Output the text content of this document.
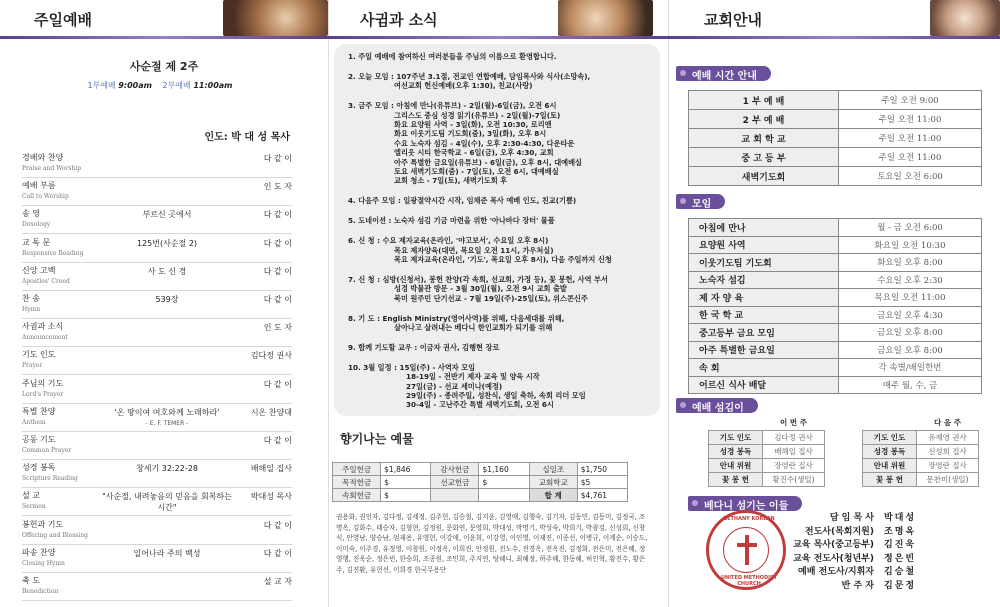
주일예배
사순절 제 2주
1부예배 9:00am 2부예배 11:00am
인도: 박 대 성 목사
경배와 찬양
Praise and Worship
다 같 이
예배 부름
Call to Worship
인 도 자
송 영
Doxology
부르신 곳에서	다 같 이
교 독 문
Responsive Reading
125번(사순절 2)	다 같 이
신앙 고백
Apostles' Creed
사 도 신 경	다 같 이
찬 송
Hymn
539장	다 같 이
사귐과 소식
Announcement
인 도 자
기도 인도
Prayer
김다정 권사
주님의 기도
Lord's Prayer
다 같 이
특별 찬양
Anthem
'온 땅이여 여호와께 노래하라'
- E. F. TEMER -
시온 찬양대
공동 기도
Common Prayer
다 같 이
성경 봉독
Scripture Reading
창세기 32:22-28	배해일 집사
설 교
Sermon
"사순절, 내려놓음의 믿음을 회복하는 시간"
박대성 목사
봉헌과 기도
Offering and Blessing
다 같 이
파송 찬양
Closing Hymn
일어나라 주의 백성	다 같 이
축 도
Benediction
설 교 자
사귐과 소식
1. 주일 예배에 참여하신 여러분들을 주님의 이름으로 환영합니다.
2. 오늘 모임 : 107주년 3.1절, 전교인 연합예배, 담임목사와 식사(소망속),
여선교회 헌신예배(오후 1:30), 친교(사랑)
3. 금주 모임 : 아침에 만나(유튜브) - 2일(월)-6일(금), 오전 6시
그리스도 중심 성경 읽기(유튜브) - 2일(월)-7일(토)
화요 요양원 사역 - 3일(화), 오전 10:30, 로리엔
화요 이웃기도팀 기도회(줌), 3일(화), 오후 8시
수요 노숙자 섬김 - 4일(수), 오후 2:30-4:30, 다운타운
엘리웃 시티 한국학교 - 6일(금), 오후 4:30, 교회
아주 특별한 금요일(유튜브) - 6일(금), 오후 8시, 대예배실
토요 새벽기도회(줌) - 7일(토), 오전 6시, 대예배실
교회 청소 - 7일(토), 새벽기도회 후
4. 다음주 모임 : 일광절약시간 시작, 임채준 목사 예배 인도, 친교(기쁨)
5. 도네이션 : 노숙자 섬김 기금 마련을 위한 '아나바다 장터' 물품
6. 신 청 : 수요 제자교육(온라인, '야고보서', 수요일 오후 8시)
목요 제자양육(대면, 목요일 오전 11시, 가우처실)
목요 제자교육(온라인, '기도', 목요일 오후 8시), 다음 주일까지 신청
7. 신 청 : 심방(신청서), 봉헌 찬양(각 속회, 선교회, 가정 등), 꽃 봉헌, 사역 부서
성경 박물관 방문 - 3월 30일(월), 오전 9시 교회 출발
북미 원주민 단기선교 - 7월 19일(주)-25일(토), 위스콘신주
8. 기 도 : English Ministry(영어사역)를 위해, 다음세대를 위해,
살아나고 살려내는 베다니 한인교회가 되기를 위해
9. 함께 기도할 교우 : 이금자 권사, 김행현 장로
10. 3월 일정 : 15일(주) - 사역자 모임
18-19일 - 전반기 제자 교육 및 양육 시작
27일(금) - 선교 세미나(예정)
29일(주) - 종려주일, 성찬식, 생일 축하, 속회 리더 모임
30-4일 - 고난주간 특별 새벽기도회, 오전 6시
향기나는 예물
주일헌금	$1,846	감사헌금	$1,160	십일조	$1,750
목적헌금	$	선교헌금	$	교회학교	$5
속회헌금	$			합 계	$4,761
권용화, 권인자, 김다정, 김세정, 김주헌, 김승철, 김지윤, 김영애, 김행숙, 김기자, 김동민, 김동미, 김정국, 조명옥, 김화수, 태승자, 김형현, 김정원, 문화연, 문영희, 박대성, 박명기, 박성숙, 박희기, 박광검, 신성희, 신창식, 안영남, 양승남, 엄재용, 유영헌, 이강애, 이윤희, 이강영, 이인영, 이재진, 이종선, 이병규, 이계순, 이승도, 이미숙, 이주경, 유정영, 이창원, 이정옥, 이희진, 안정원, 전노수, 전경옥, 전옥진, 김정화, 전은미, 전은혜, 정영행, 진욱순, 정은빈, 한승희, 조종원, 조민희, 주지연, 탕혜니, 최혜정, 하주혜, 한동혜, 허인혁, 황진수, 황은주, 김진환, 유현선, 이희경 한국무용단
교회안내
예배 시간 안내
1 부 예 배	주일 오전 9:00
2 부 예 배	주일 오전 11:00
교 회 학 교	주일 오전 11:00
중 고 등 부	주일 오전 11:00
새벽기도회	토요일 오전 6:00
모임
아침에 만나	월 - 금 오전 6:00
요양원 사역	화요일 오전 10:30
이웃기도팀 기도회	화요일 오후 8:00
노숙자 섬김	수요일 오후 2:30
제 자 양 육	목요일 오전 11:00
한 국 학 교	금요일 오후 4:30
중고등부 금요 모임	금요일 오후 8:00
아주 특별한 금요일	금요일 오후 8:00
속 회	각 속별/배일한번
어르신 식사 배달	매주 월, 수, 금
예배 섬김이
	이 번 주
기도 인도	김다정 권사
성경 봉독	배해일 집사
안내 위원	장영란 집사
꽃 봉 헌	황진수(생일)
	다 음 주
기도 인도	유재영 권사
성경 봉독	신성희 집사
안내 위원	장영란 집사
꽃 봉 헌	문찬미(생일)
베다니 섬기는 이들
BETHANY KOREAN
UNITED METHODIST CHURCH
담 임 목 사	박대성
전도사(목회지원)	조명옥
교육 목사(중고등부)	김진욱
교육 전도사(청년부)	정은빈
예배 전도사/지휘자	김승철
반 주 자	김문정
